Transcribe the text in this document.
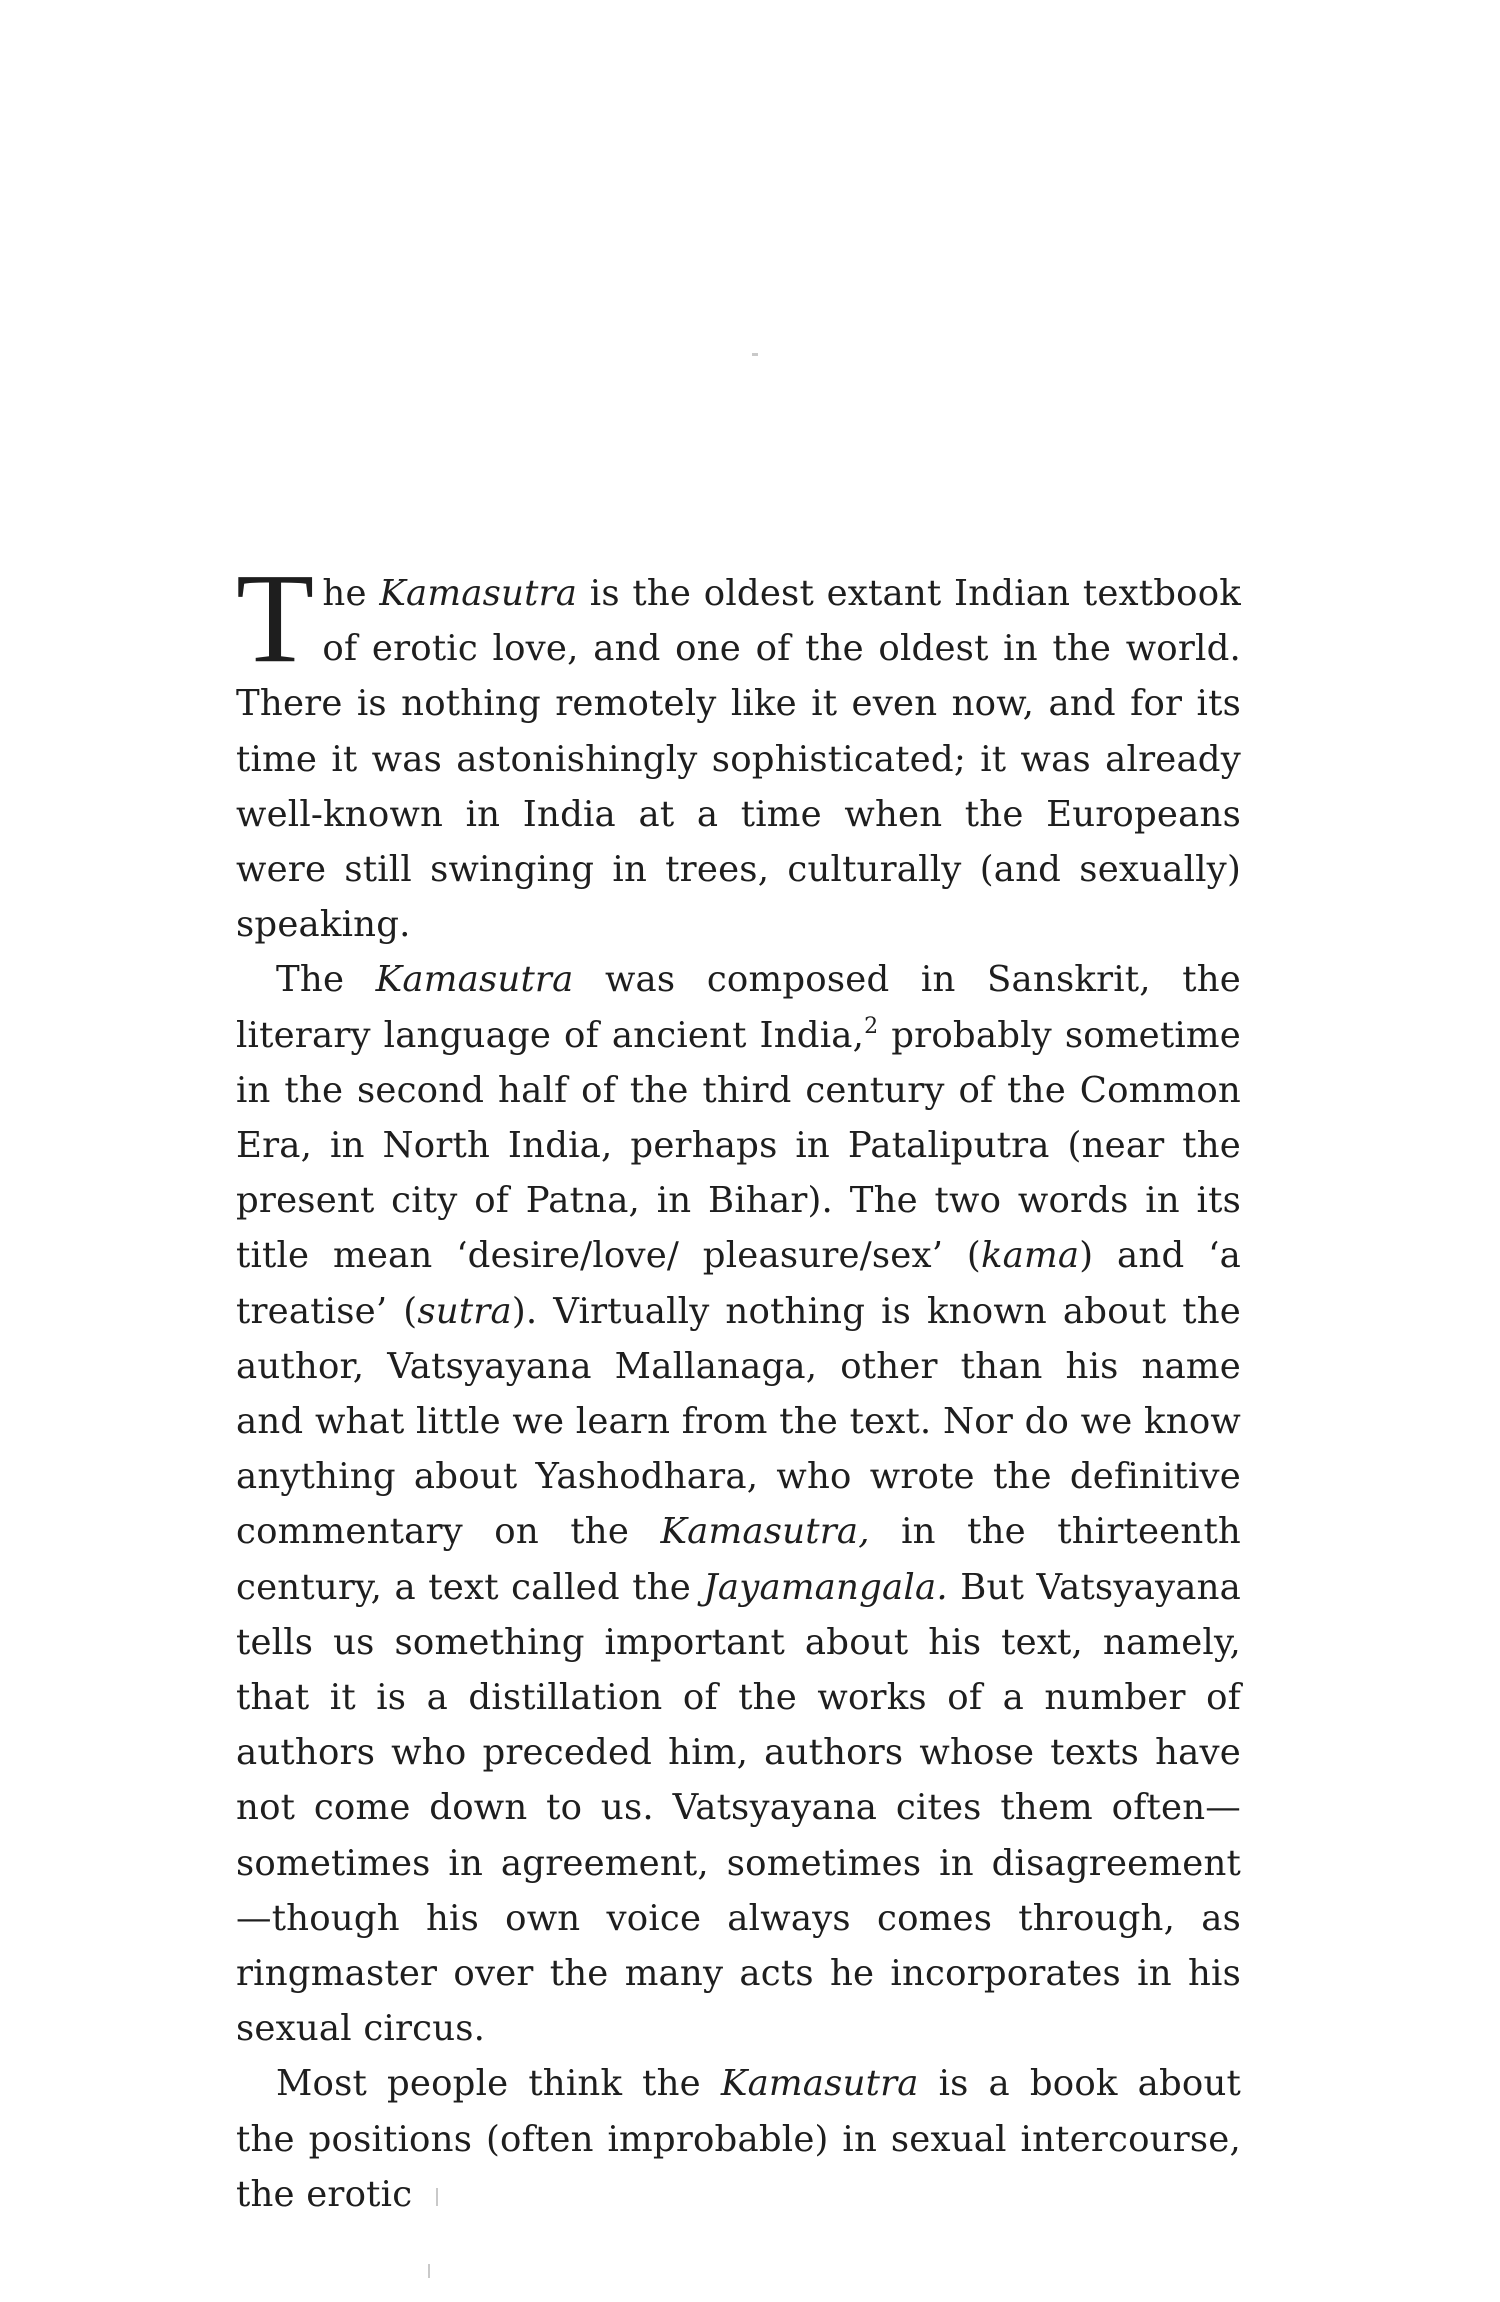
The Kamasutra is the oldest extant Indian textbook of erotic love, and one of the oldest in the world. There is nothing remotely like it even now, and for its time it was astonishingly sophisticated; it was already well-known in India at a time when the Europeans were still swinging in trees, culturally (and sexually) speaking.

The Kamasutra was composed in Sanskrit, the literary language of ancient India,$^2$ probably sometime in the second half of the third century of the Common Era, in North India, perhaps in Pataliputra (near the present city of Patna, in Bihar). The two words in its title mean ‘desire/love/ pleasure/sex’ (kama) and ‘a treatise’ (sutra). Virtually nothing is known about the author, Vatsyayana Mallanaga, other than his name and what little we learn from the text. Nor do we know anything about Yashodhara, who wrote the definitive commentary on the Kamasutra, in the thirteenth century, a text called the Jayamangala. But Vatsyayana tells us something important about his text, namely, that it is a distillation of the works of a number of authors who preceded him, authors whose texts have not come down to us. Vatsyayana cites them often—sometimes in agreement, sometimes in disagreement—though his own voice always comes through, as ringmaster over the many acts he incorporates in his sexual circus.

Most people think the Kamasutra is a book about the positions (often improbable) in sexual intercourse, the erotic
